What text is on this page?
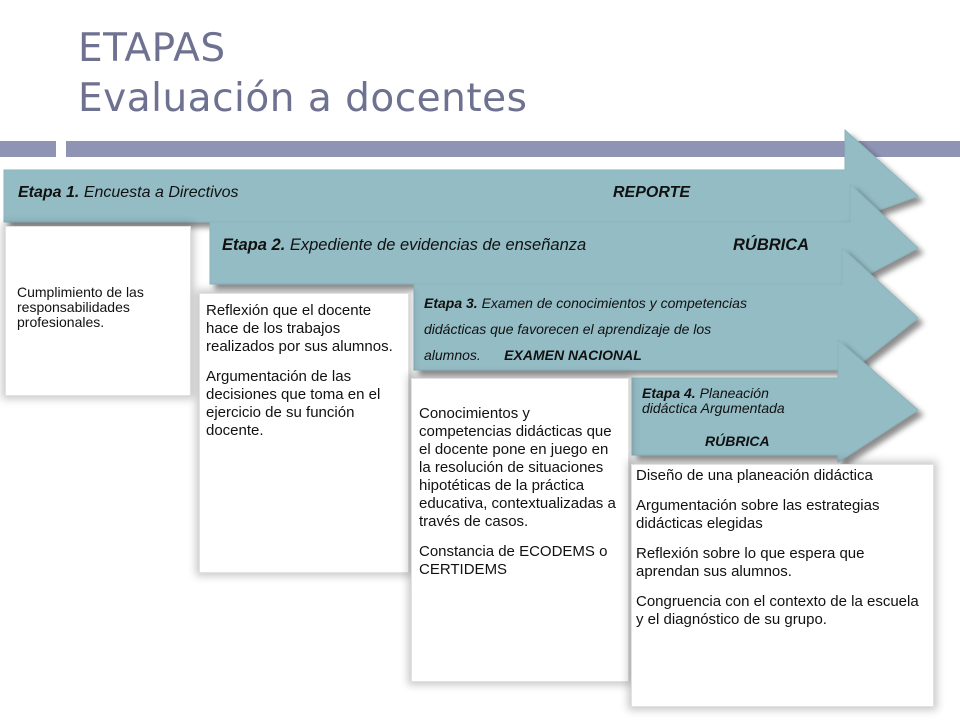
ETAPAS
Evaluación a docentes
Etapa 1. Encuesta a Directivos	REPORTE
Etapa 2. Expediente de evidencias de enseñanza	RÚBRICA
Etapa 3. Examen de conocimientos y competencias
didácticas que favorecen el aprendizaje de los
alumnos. EXAMEN NACIONAL
Etapa 4. Planeación
didáctica Argumentada
RÚBRICA

Cumplimiento de las responsabilidades profesionales.

Reflexión que el docente hace de los trabajos realizados por sus alumnos.

Argumentación de las decisiones que toma en el ejercicio de su función docente.

Conocimientos y competencias didácticas que el docente pone en juego en la resolución de situaciones hipotéticas de la práctica educativa, contextualizadas a través de casos.

Constancia de ECODEMS o CERTIDEMS

Diseño de una planeación didáctica

Argumentación sobre las estrategias didácticas elegidas

Reflexión sobre lo que espera que aprendan sus alumnos.

Congruencia con el contexto de la escuela y el diagnóstico de su grupo.
